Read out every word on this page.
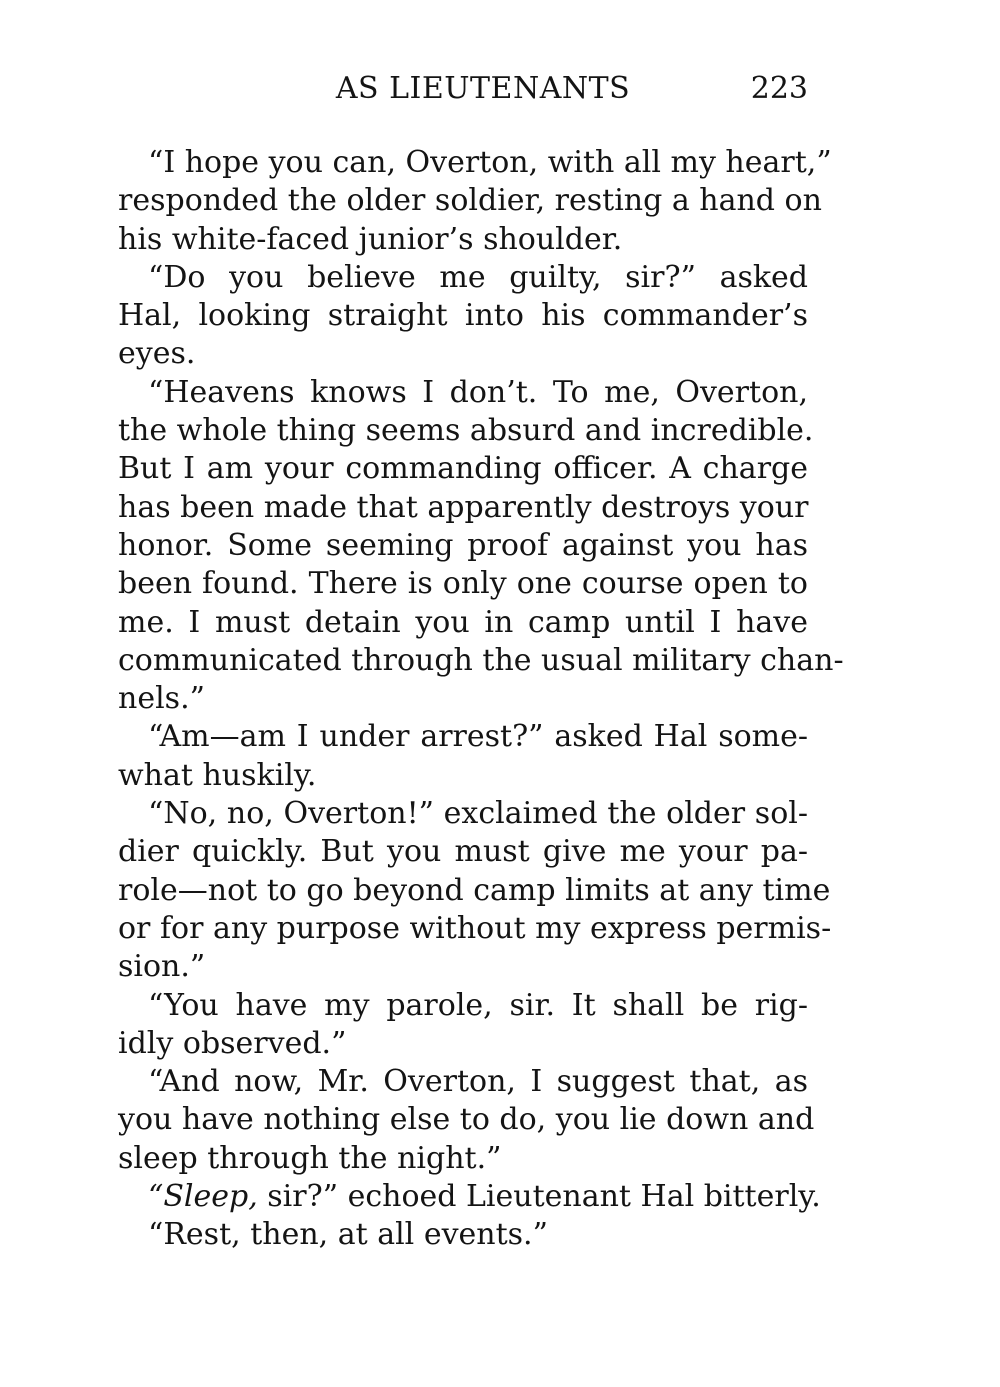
AS LIEUTENANTS	223
“I hope you can, Overton, with all my heart,”
responded the older soldier, resting a hand on
his white-faced junior’s shoulder.
“Do you believe me guilty, sir?” asked
Hal, looking straight into his commander’s
eyes.
“Heavens knows I don’t. To me, Overton,
the whole thing seems absurd and incredible.
But I am your commanding officer. A charge
has been made that apparently destroys your
honor. Some seeming proof against you has
been found. There is only one course open to
me. I must detain you in camp until I have
communicated through the usual military chan-
nels.”
“Am—am I under arrest?” asked Hal some-
what huskily.
“No, no, Overton!” exclaimed the older sol-
dier quickly. But you must give me your pa-
role—not to go beyond camp limits at any time
or for any purpose without my express permis-
sion.”
“You have my parole, sir. It shall be rig-
idly observed.”
“And now, Mr. Overton, I suggest that, as
you have nothing else to do, you lie down and
sleep through the night.”
“Sleep, sir?” echoed Lieutenant Hal bitterly.
“Rest, then, at all events.”
